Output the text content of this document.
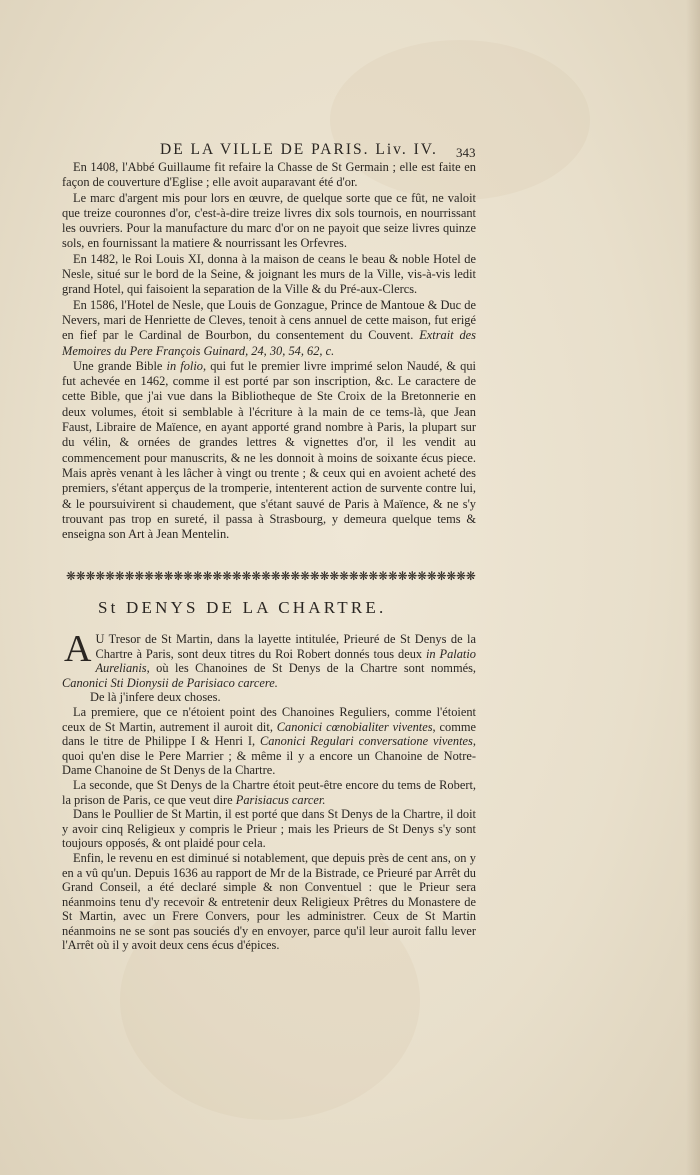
DE LA VILLE DE PARIS. Liv. IV. 343

En 1408, l'Abbé Guillaume fit refaire la Chasse de St Germain ; elle est faite en façon de couverture d'Eglise ; elle avoit auparavant été d'or.

Le marc d'argent mis pour lors en œuvre, de quelque sorte que ce fût, ne valoit que treize couronnes d'or, c'est-à-dire treize livres dix sols tournois, en nourrissant les ouvriers. Pour la manufacture du marc d'or on ne payoit que seize livres quinze sols, en fournissant la matiere & nourrissant les Orfevres.

En 1482, le Roi Louis XI, donna à la maison de ceans le beau & noble Hotel de Nesle, situé sur le bord de la Seine, & joignant les murs de la Ville, vis-à-vis ledit grand Hotel, qui faisoient la separation de la Ville & du Pré-aux-Clercs.

En 1586, l'Hotel de Nesle, que Louis de Gonzague, Prince de Mantoue & Duc de Nevers, mari de Henriette de Cleves, tenoit à cens annuel de cette maison, fut erigé en fief par le Cardinal de Bourbon, du consentement du Couvent. Extrait des Memoires du Pere François Guinard, 24, 30, 54, 62, c.

Une grande Bible in folio, qui fut le premier livre imprimé selon Naudé, & qui fut achevée en 1462, comme il est porté par son inscription, &c. Le caractere de cette Bible, que j'ai vue dans la Bibliotheque de Ste Croix de la Bretonnerie en deux volumes, étoit si semblable à l'écriture à la main de ce tems-là, que Jean Faust, Libraire de Maïence, en ayant apporté grand nombre à Paris, la plupart sur du vélin, & ornées de grandes lettres & vignettes d'or, il les vendit au commencement pour manuscrits, & ne les donnoit à moins de soixante écus piece. Mais après venant à les lâcher à vingt ou trente ; & ceux qui en avoient acheté des premiers, s'étant apperçus de la tromperie, intenterent action de survente contre lui, & le poursuivirent si chaudement, que s'étant sauvé de Paris à Maïence, & ne s'y trouvant pas trop en sureté, il passa à Strasbourg, y demeura quelque tems & enseigna son Art à Jean Mentelin.

❋ ❋ ❋ ❋ ❋ ❋ ❋ ❋ ❋ ❋ ❋ ❋ ❋ ❋ ❋ ❋ ❋ ❋ ❋ ❋ ❋ ❋ ❋ ❋ ❋ ❋ ❋ ❋ ❋ ❋ ❋ ❋ ❋ ❋ ❋ ❋ ❋ ❋ ❋ ❋ ❋ ❋
St DENYS DE LA CHARTRE.

A U Tresor de St Martin, dans la layette intitulée, Prieuré de St Denys de la Chartre à Paris, sont deux titres du Roi Robert donnés tous deux in Palatio Aurelianis, où les Chanoines de St Denys de la Chartre sont nommés, Canonici Sti Dionysii de Parisiaco carcere.

De là j'infere deux choses.

La premiere, que ce n'étoient point des Chanoines Reguliers, comme l'étoient ceux de St Martin, autrement il auroit dit, Canonici cœnobialiter viventes, comme dans le titre de Philippe I & Henri I, Canonici Regulari conversatione viventes, quoi qu'en dise le Pere Marrier ; & même il y a encore un Chanoine de Notre-Dame Chanoine de St Denys de la Chartre.

La seconde, que St Denys de la Chartre étoit peut-être encore du tems de Robert, la prison de Paris, ce que veut dire Parisiacus carcer.

Dans le Poullier de St Martin, il est porté que dans St Denys de la Chartre, il doit y avoir cinq Religieux y compris le Prieur ; mais les Prieurs de St Denys s'y sont toujours opposés, & ont plaidé pour cela.

Enfin, le revenu en est diminué si notablement, que depuis près de cent ans, on y en a vû qu'un. Depuis 1636 au rapport de Mr de la Bistrade, ce Prieuré par Arrêt du Grand Conseil, a été declaré simple & non Conventuel : que le Prieur sera néanmoins tenu d'y recevoir & entretenir deux Religieux Prêtres du Monastere de St Martin, avec un Frere Convers, pour les administrer. Ceux de St Martin néanmoins ne se sont pas souciés d'y en envoyer, parce qu'il leur auroit fallu lever l'Arrêt où il y avoit deux cens écus d'épices.
